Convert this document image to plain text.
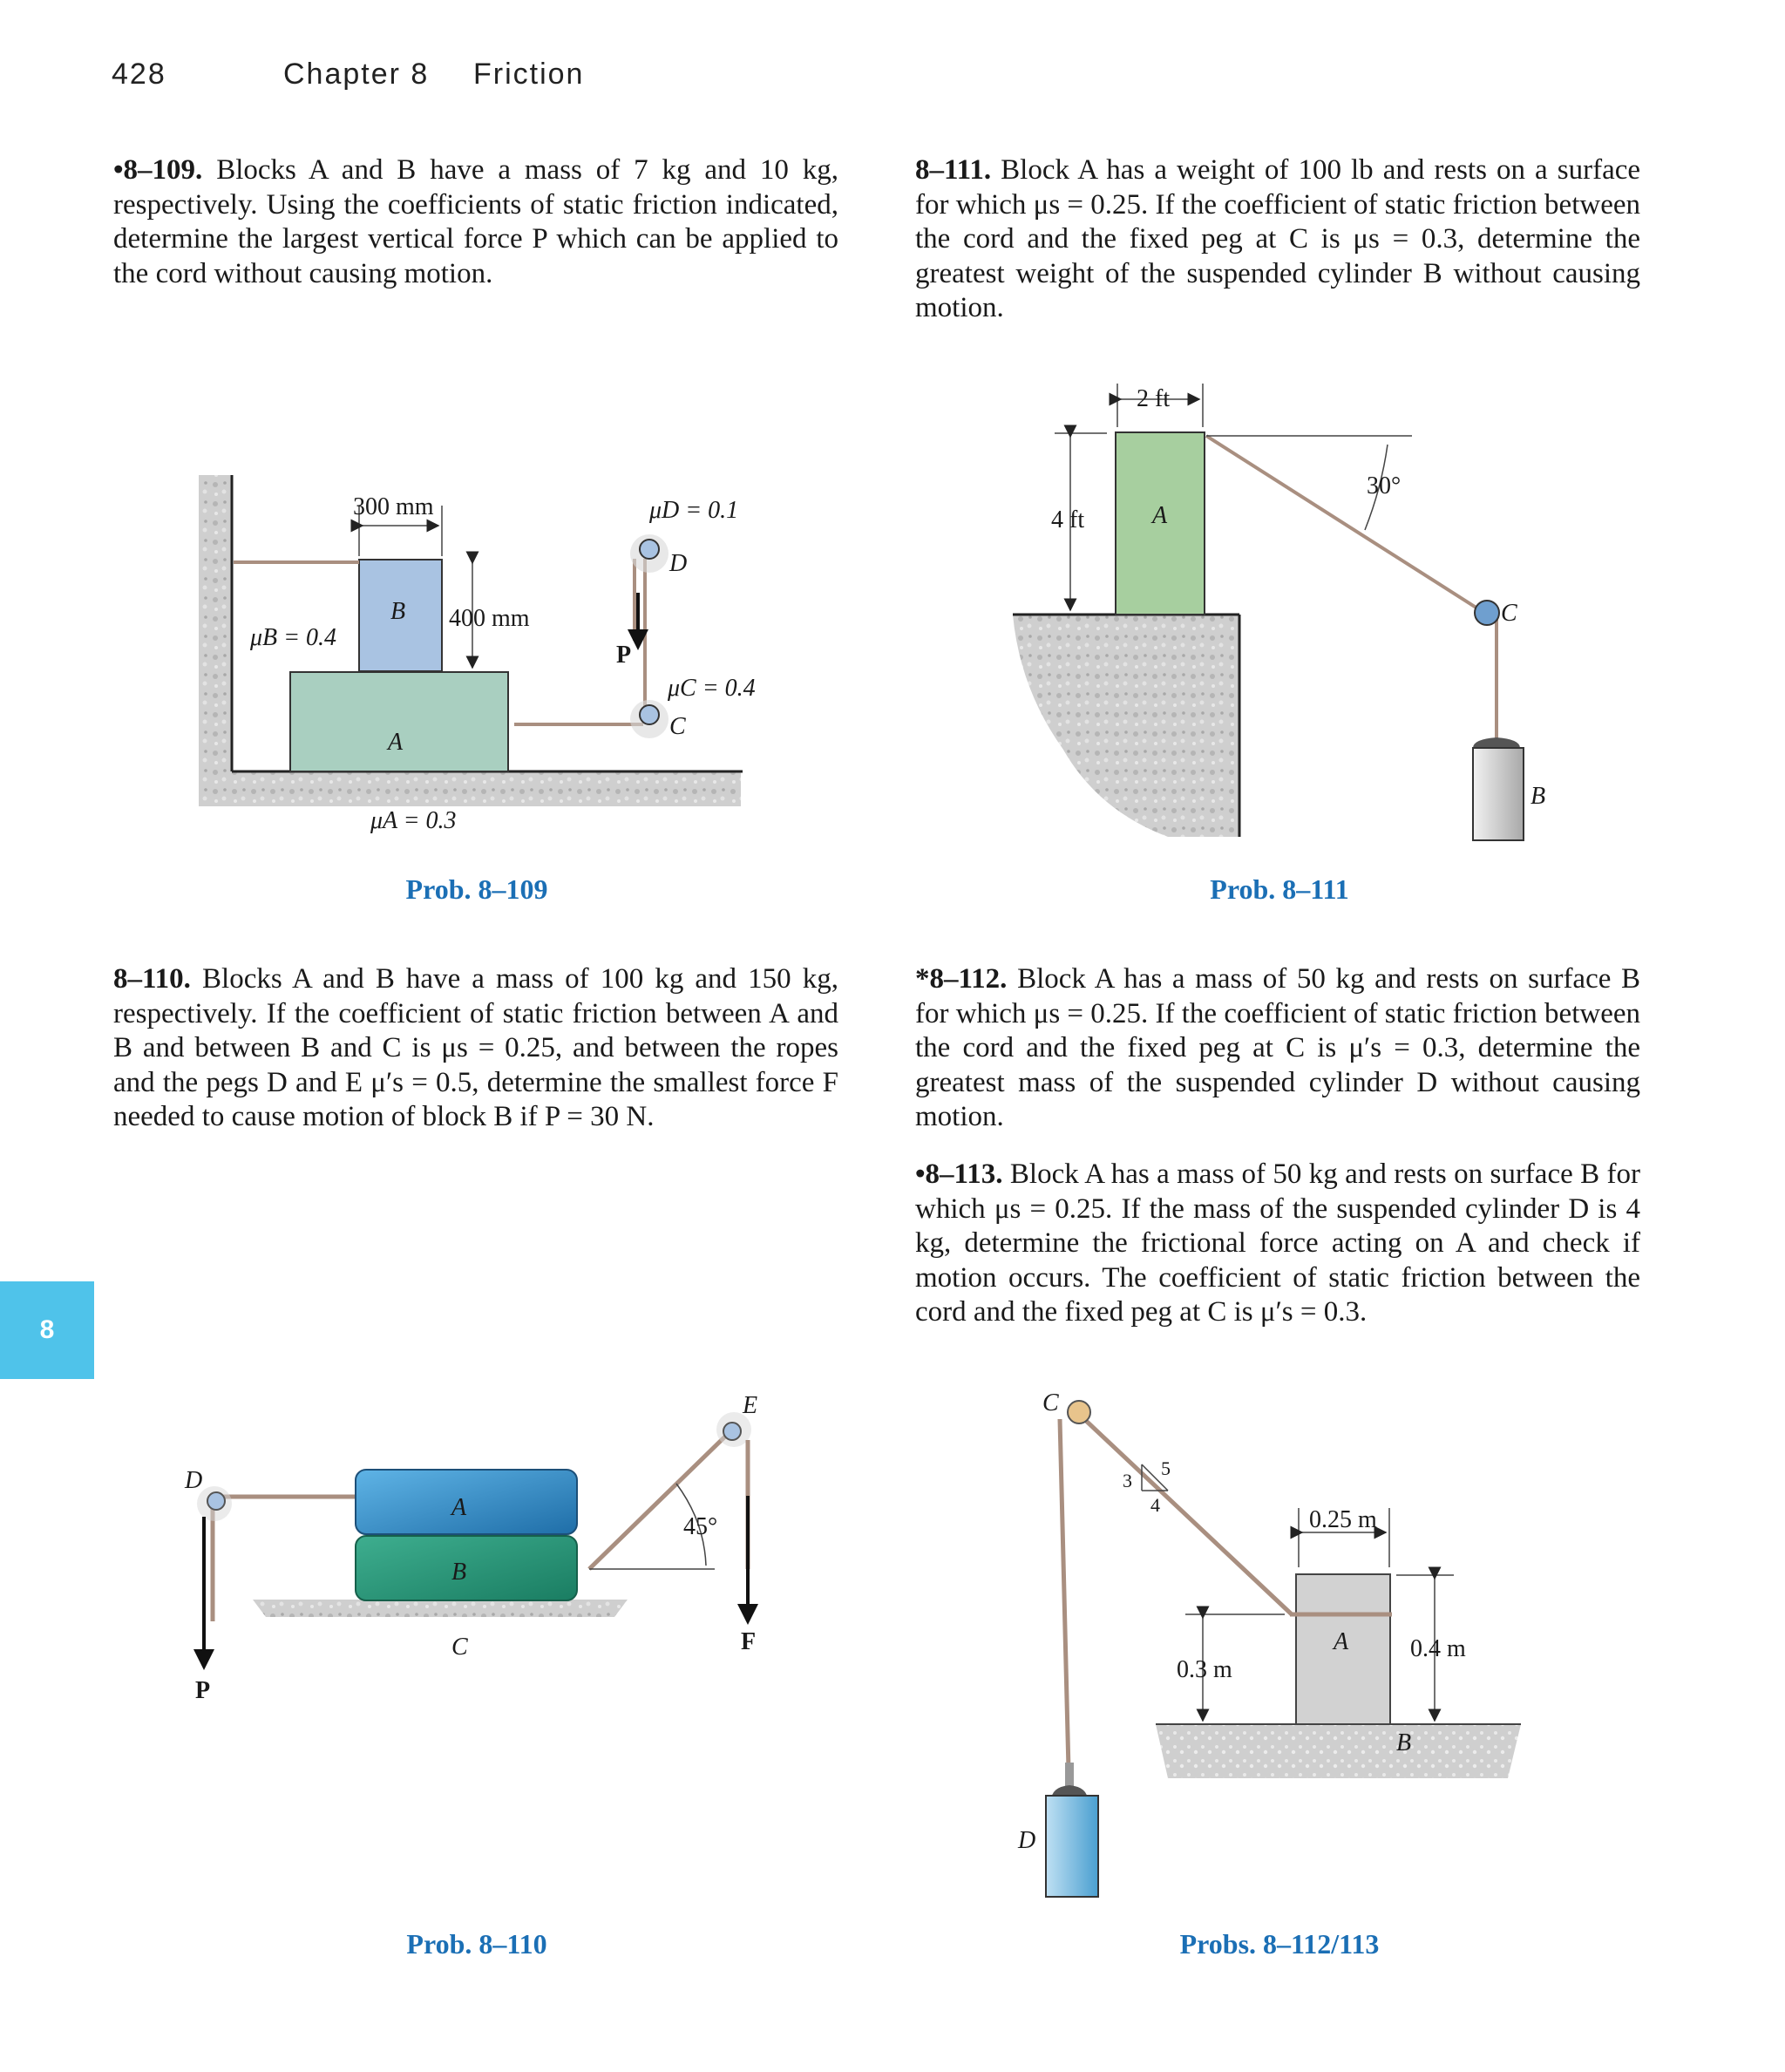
428	Chapter 8 Friction

•8–109. Blocks A and B have a mass of 7 kg and 10 kg, respectively. Using the coefficients of static friction indicated, determine the largest vertical force P which can be applied to the cord without causing motion.

8–111. Block A has a weight of 100 lb and rests on a surface for which μs = 0.25. If the coefficient of static friction between the cord and the fixed peg at C is μs = 0.3, determine the greatest weight of the suspended cylinder B without causing motion.

8–110. Blocks A and B have a mass of 100 kg and 150 kg, respectively. If the coefficient of static friction between A and B and between B and C is μs = 0.25, and between the ropes and the pegs D and E μ′s = 0.5, determine the smallest force F needed to cause motion of block B if P = 30 N.

*8–112. Block A has a mass of 50 kg and rests on surface B for which μs = 0.25. If the coefficient of static friction between the cord and the fixed peg at C is μ′s = 0.3, determine the greatest mass of the suspended cylinder D without causing motion.

•8–113. Block A has a mass of 50 kg and rests on surface B for which μs = 0.25. If the mass of the suspended cylinder D is 4 kg, determine the frictional force acting on A and check if motion occurs. The coefficient of static friction between the cord and the fixed peg at C is μ′s = 0.3.

8
Prob. 8–109	Prob. 8–111
Prob. 8–110	Probs. 8–112/113
300 mm
400 mm
B
A
μB = 0.4
μA = 0.3
μD = 0.1
μC = 0.4
D
C
P
2 ft
4 ft	A
30°
C
B
A
B
C
D
E
45°
P
F
C
3
4
5
0.25 m
0.4 m
0.3 m
A
B
D
